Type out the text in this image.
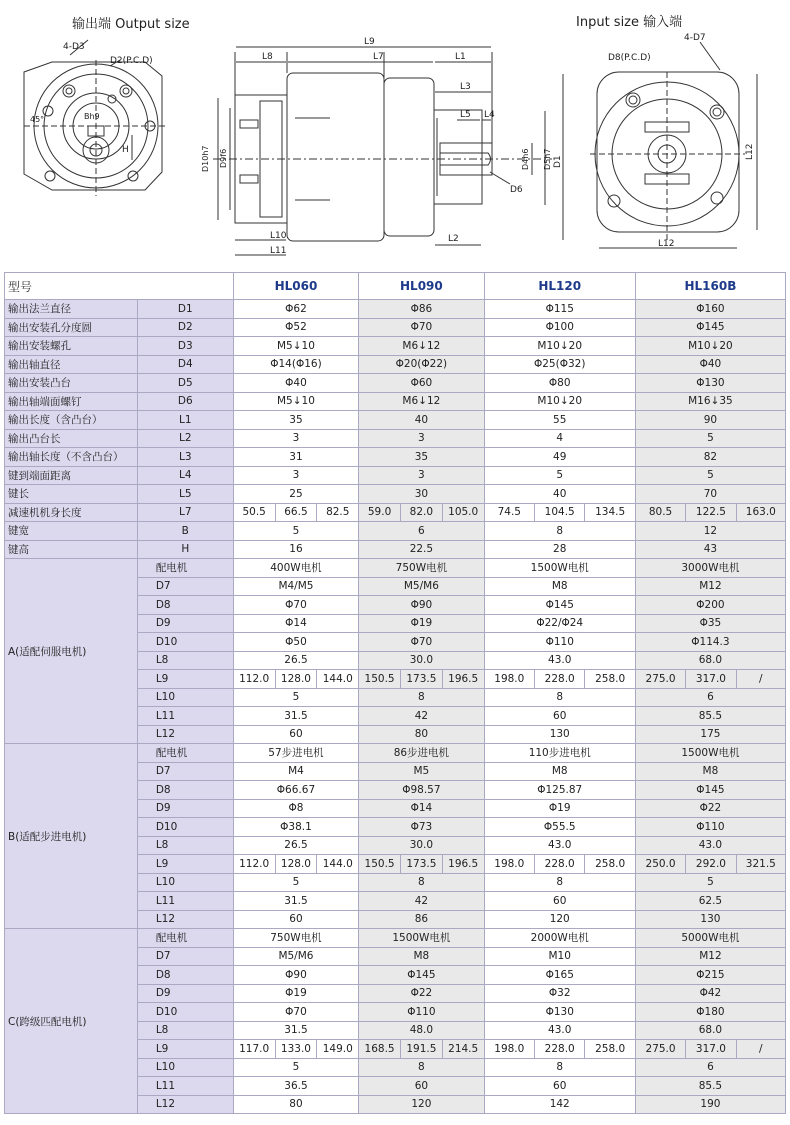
输出端 Output size	Input size 输入端
4-D3
D2(P.C.D)
45°	Bh9
H
L9
L8	L7	L1
L3
L5 L4
D10h7 D9f6	D4h6 D5h7 D1
D6
L10
L11
L2
D8(P.C.D)
4-D7
L12
L12
型号		HL060			HL090			HL120			HL160B		
输出法兰直径	D1	Φ62			Φ86			Φ115			Φ160		
输出安装孔分度圆	D2	Φ52			Φ70			Φ100			Φ145		
输出安装螺孔	D3	M5↓10			M6↓12			M10↓20			M10↓20		
输出轴直径	D4	Φ14(Φ16)			Φ20(Φ22)			Φ25(Φ32)			Φ40		
输出安装凸台	D5	Φ40			Φ60			Φ80			Φ130		
输出轴端面螺钉	D6	M5↓10			M6↓12			M10↓20			M16↓35		
输出长度（含凸台）	L1	35			40			55			90		
输出凸台长	L2	3			3			4			5		
输出轴长度（不含凸台）	L3	31			35			49			82		
键到端面距离	L4	3			3			5			5		
键长	L5	25			30			40			70		
减速机机身长度	L7	50.5	66.5	82.5	59.0	82.0	105.0	74.5	104.5	134.5	80.5	122.5	163.0
键宽	B	5			6			8			12		
键高	H	16			22.5			28			43		
A(适配伺服电机)	配电机	400W电机			750W电机			1500W电机			3000W电机		
	D7	M4/M5			M5/M6			M8			M12		
	D8	Φ70			Φ90			Φ145			Φ200		
	D9	Φ14			Φ19			Φ22/Φ24			Φ35		
	D10	Φ50			Φ70			Φ110			Φ114.3		
	L8	26.5			30.0			43.0			68.0		
	L9	112.0	128.0	144.0	150.5	173.5	196.5	198.0	228.0	258.0	275.0	317.0	/
	L10	5			8			8			6		
	L11	31.5			42			60			85.5		
	L12	60			80			130			175		
B(适配步进电机)	配电机	57步进电机			86步进电机			110步进电机			1500W电机		
	D7	M4			M5			M8			M8		
	D8	Φ66.67			Φ98.57			Φ125.87			Φ145		
	D9	Φ8			Φ14			Φ19			Φ22		
	D10	Φ38.1			Φ73			Φ55.5			Φ110		
	L8	26.5			30.0			43.0			43.0		
	L9	112.0	128.0	144.0	150.5	173.5	196.5	198.0	228.0	258.0	250.0	292.0	321.5
	L10	5			8			8			5		
	L11	31.5			42			60			62.5		
	L12	60			86			120			130		
C(跨级匹配电机)	配电机	750W电机			1500W电机			2000W电机			5000W电机		
	D7	M5/M6			M8			M10			M12		
	D8	Φ90			Φ145			Φ165			Φ215		
	D9	Φ19			Φ22			Φ32			Φ42		
	D10	Φ70			Φ110			Φ130			Φ180		
	L8	31.5			48.0			43.0			68.0		
	L9	117.0	133.0	149.0	168.5	191.5	214.5	198.0	228.0	258.0	275.0	317.0	/
	L10	5			8			8			6		
	L11	36.5			60			60			85.5		
	L12	80			120			142			190		
